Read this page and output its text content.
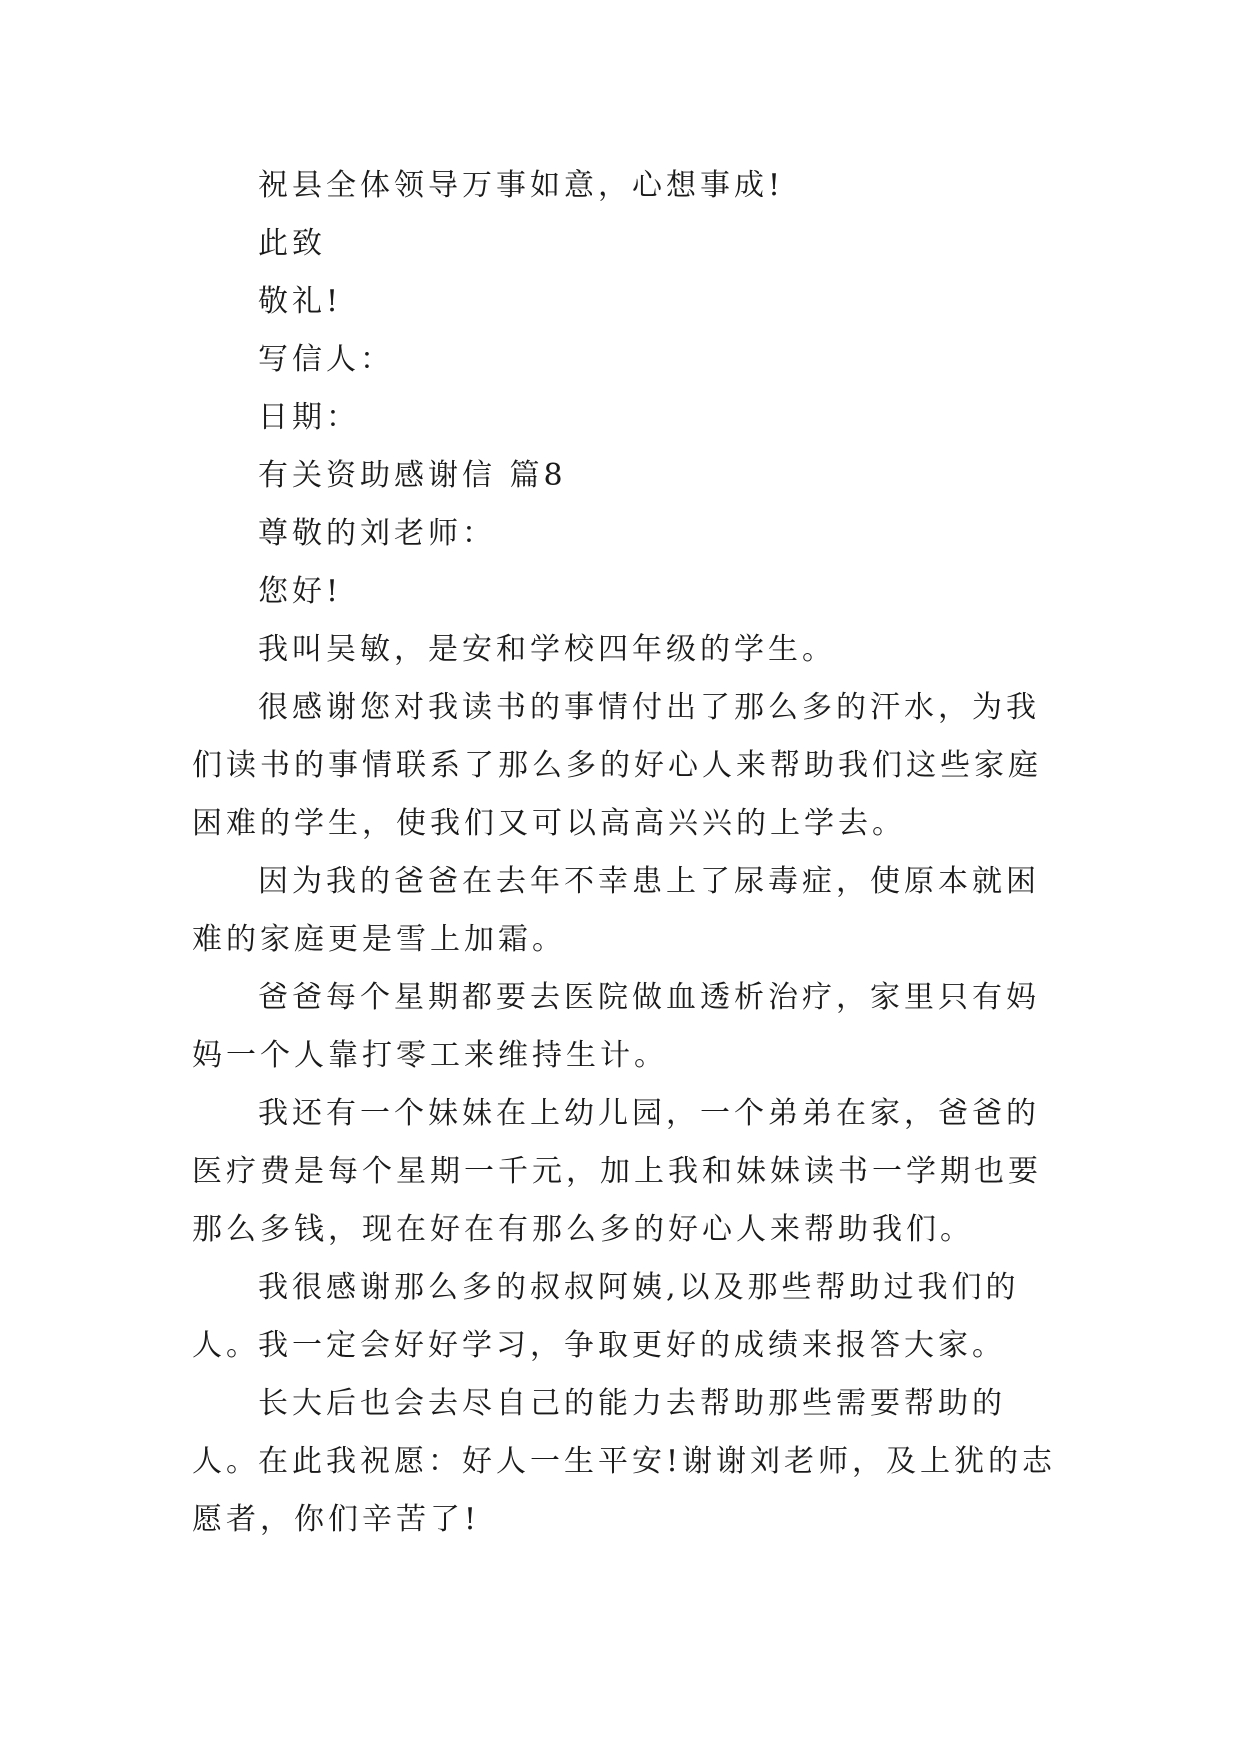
祝县全体领导万事如意，心想事成!

此致

敬礼!

写信人：

日期：

有关资助感谢信 篇8

尊敬的刘老师：

您好!

我叫吴敏，是安和学校四年级的学生。

很感谢您对我读书的事情付出了那么多的汗水，为我们读书的事情联系了那么多的好心人来帮助我们这些家庭困难的学生，使我们又可以高高兴兴的上学去。

因为我的爸爸在去年不幸患上了尿毒症，使原本就困难的家庭更是雪上加霜。

爸爸每个星期都要去医院做血透析治疗，家里只有妈妈一个人靠打零工来维持生计。

我还有一个妹妹在上幼儿园，一个弟弟在家，爸爸的医疗费是每个星期一千元，加上我和妹妹读书一学期也要那么多钱，现在好在有那么多的好心人来帮助我们。

我很感谢那么多的叔叔阿姨,以及那些帮助过我们的人。

我一定会好好学习，争取更好的成绩来报答大家。

长大后也会去尽自己的能力去帮助那些需要帮助的人。

在此我祝愿：好人一生平安!谢谢刘老师，及上犹的志愿者，你们辛苦了!
